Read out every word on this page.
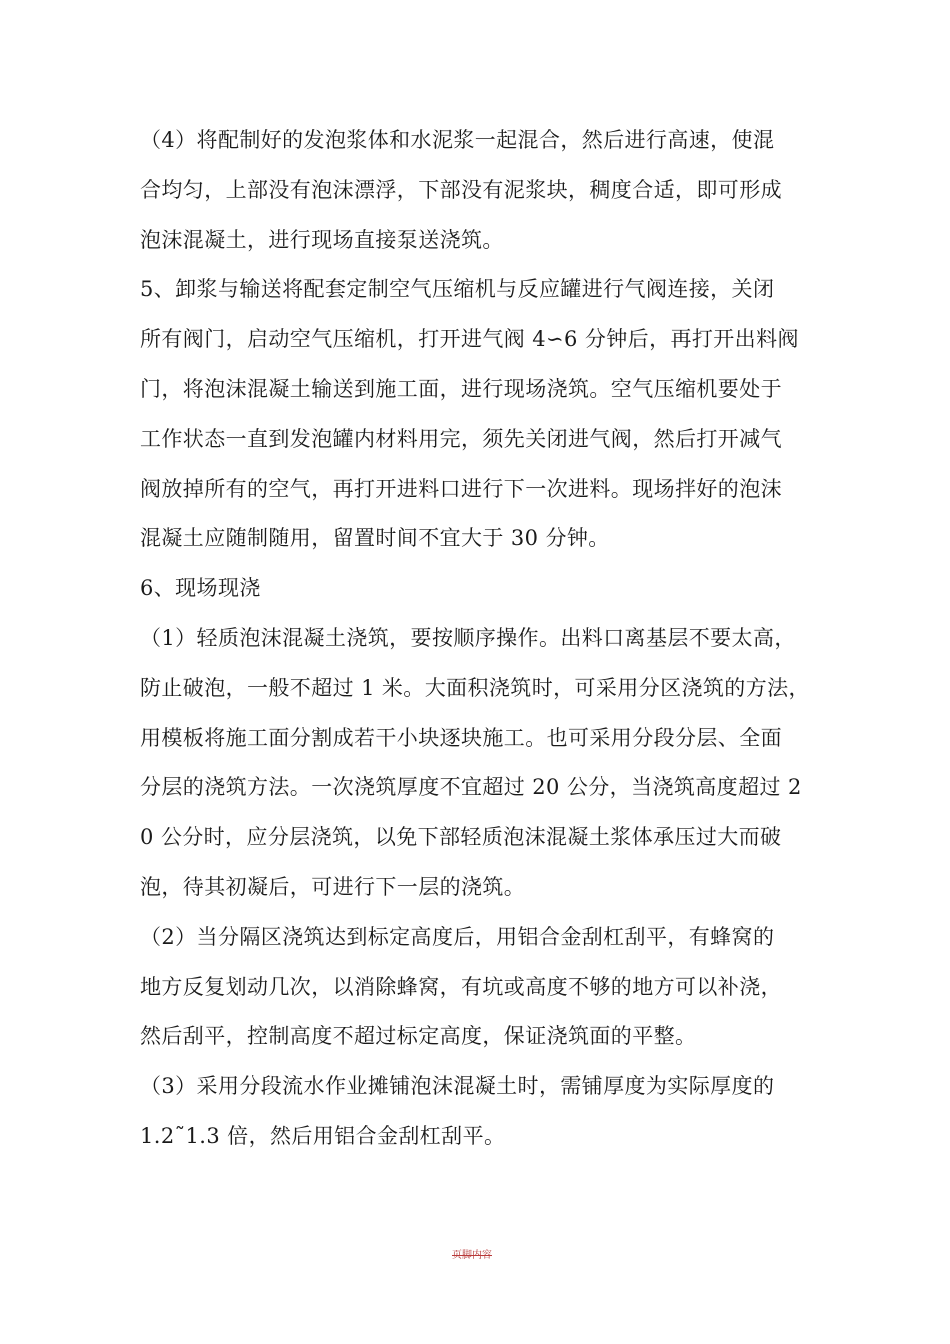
（4）将配制好的发泡浆体和水泥浆一起混合，然后进行高速，使混
合均匀，上部没有泡沫漂浮，下部没有泥浆块，稠度合适，即可形成
泡沫混凝土，进行现场直接泵送浇筑。
5、卸浆与输送将配套定制空气压缩机与反应罐进行气阀连接，关闭
所有阀门，启动空气压缩机，打开进气阀 4∽6 分钟后，再打开出料阀
门，将泡沫混凝土输送到施工面，进行现场浇筑。空气压缩机要处于
工作状态一直到发泡罐内材料用完，须先关闭进气阀，然后打开减气
阀放掉所有的空气，再打开进料口进行下一次进料。现场拌好的泡沫
混凝土应随制随用，留置时间不宜大于 30 分钟。
6、现场现浇
（1）轻质泡沫混凝土浇筑，要按顺序操作。出料口离基层不要太高，
防止破泡，一般不超过 1 米。大面积浇筑时，可采用分区浇筑的方法，
用模板将施工面分割成若干小块逐块施工。也可采用分段分层、全面
分层的浇筑方法。一次浇筑厚度不宜超过 20 公分，当浇筑高度超过 2
0 公分时，应分层浇筑，以免下部轻质泡沫混凝土浆体承压过大而破
泡，待其初凝后，可进行下一层的浇筑。
（2）当分隔区浇筑达到标定高度后，用铝合金刮杠刮平，有蜂窝的
地方反复划动几次，以消除蜂窝，有坑或高度不够的地方可以补浇，
然后刮平，控制高度不超过标定高度，保证浇筑面的平整。
（3）采用分段流水作业摊铺泡沫混凝土时，需铺厚度为实际厚度的
1.2˜1.3 倍，然后用铝合金刮杠刮平。
页脚内容
